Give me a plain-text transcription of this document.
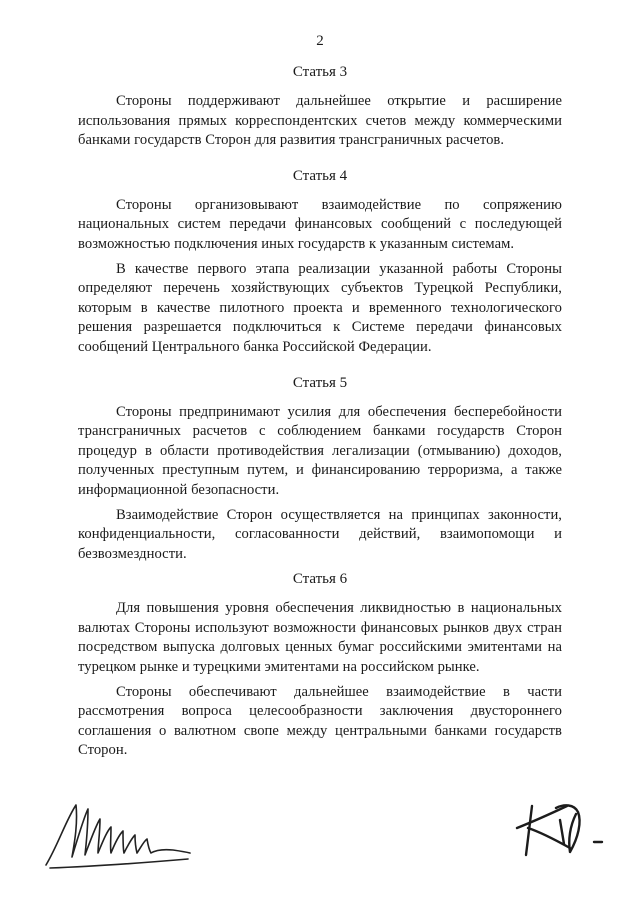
2
Статья 3

Стороны поддерживают дальнейшее открытие и расширение использования прямых корреспондентских счетов между коммерческими банками государств Сторон для развития трансграничных расчетов.

Статья 4

Стороны организовывают взаимодействие по сопряжению национальных систем передачи финансовых сообщений с последующей возможностью подключения иных государств к указанным системам.

В качестве первого этапа реализации указанной работы Стороны определяют перечень хозяйствующих субъектов Турецкой Республики, которым в качестве пилотного проекта и временного технологического решения разрешается подключиться к Системе передачи финансовых сообщений Центрального банка Российской Федерации.

Статья 5

Стороны предпринимают усилия для обеспечения бесперебойности трансграничных расчетов с соблюдением банками государств Сторон процедур в области противодействия легализации (отмыванию) доходов, полученных преступным путем, и финансированию терроризма, а также информационной безопасности.

Взаимодействие Сторон осуществляется на принципах законности, конфиденциальности, согласованности действий, взаимопомощи и безвозмездности.

Статья 6

Для повышения уровня обеспечения ликвидностью в национальных валютах Стороны используют возможности финансовых рынков двух стран посредством выпуска долговых ценных бумаг российскими эмитентами на турецком рынке и турецкими эмитентами на российском рынке.

Стороны обеспечивают дальнейшее взаимодействие в части рассмотрения вопроса целесообразности заключения двустороннего соглашения о валютном свопе между центральными банками государств Сторон.
